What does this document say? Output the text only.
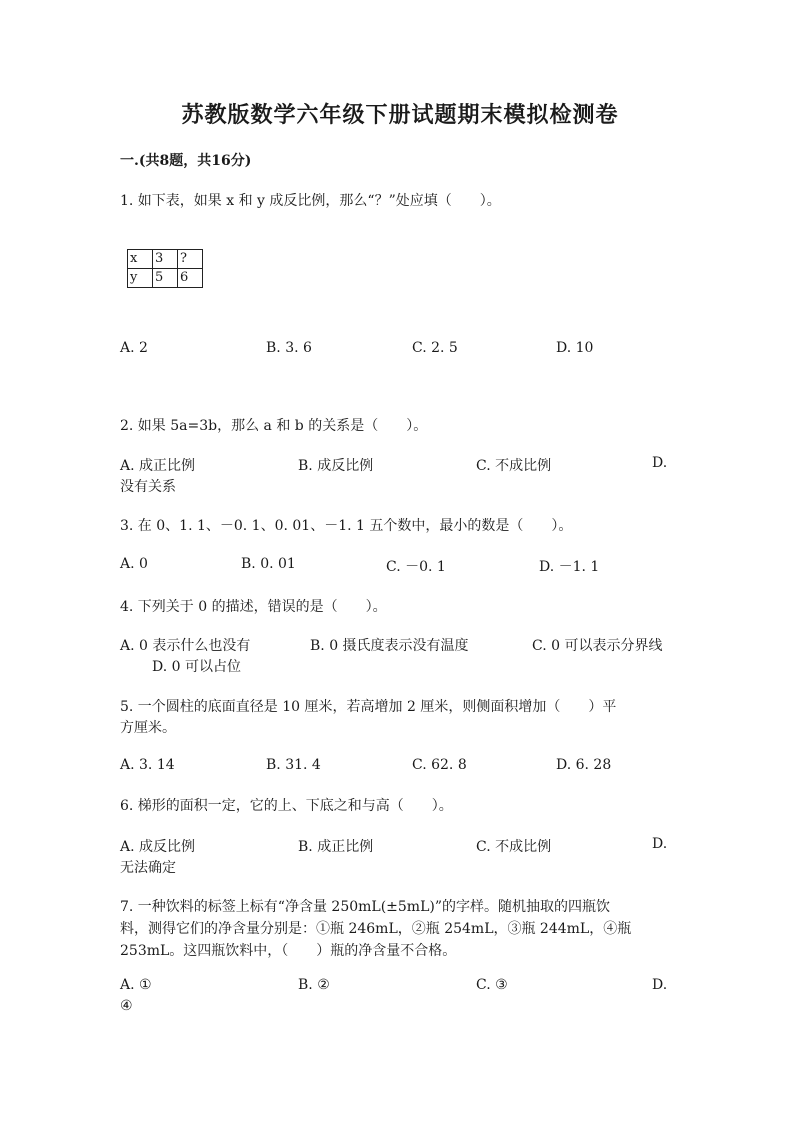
苏教版数学六年级下册试题期末模拟检测卷
一.(共8题，共16分)
1. 如下表，如果 x 和 y 成反比例，那么“？”处应填（　　）。
x	3	?
y	5	6
A. 2	B. 3. 6	C. 2. 5	D. 10
2. 如果 5a=3b，那么 a 和 b 的关系是（　　）。
A. 成正比例	B. 成反比例	C. 不成比例	D.
没有关系
3. 在 0、1. 1、－0. 1、0. 01、－1. 1 五个数中，最小的数是（　　）。
A. 0	B. 0. 01	C. －0. 1	D. －1. 1
4. 下列关于 0 的描述，错误的是（　　）。
A. 0 表示什么也没有	B. 0 摄氏度表示没有温度	C. 0 可以表示分界线
D. 0 可以占位
5. 一个圆柱的底面直径是 10 厘米，若高增加 2 厘米，则侧面积增加（　　）平
方厘米。
A. 3. 14	B. 31. 4	C. 62. 8	D. 6. 28
6. 梯形的面积一定，它的上、下底之和与高（　　）。
A. 成反比例	B. 成正比例	C. 不成比例	D.
无法确定
7. 一种饮料的标签上标有“净含量 250mL(±5mL)”的字样。随机抽取的四瓶饮
料，测得它们的净含量分别是：①瓶 246mL，②瓶 254mL，③瓶 244mL，④瓶
253mL。这四瓶饮料中，（　　）瓶的净含量不合格。
A. ①	B. ②	C. ③	D.
④
